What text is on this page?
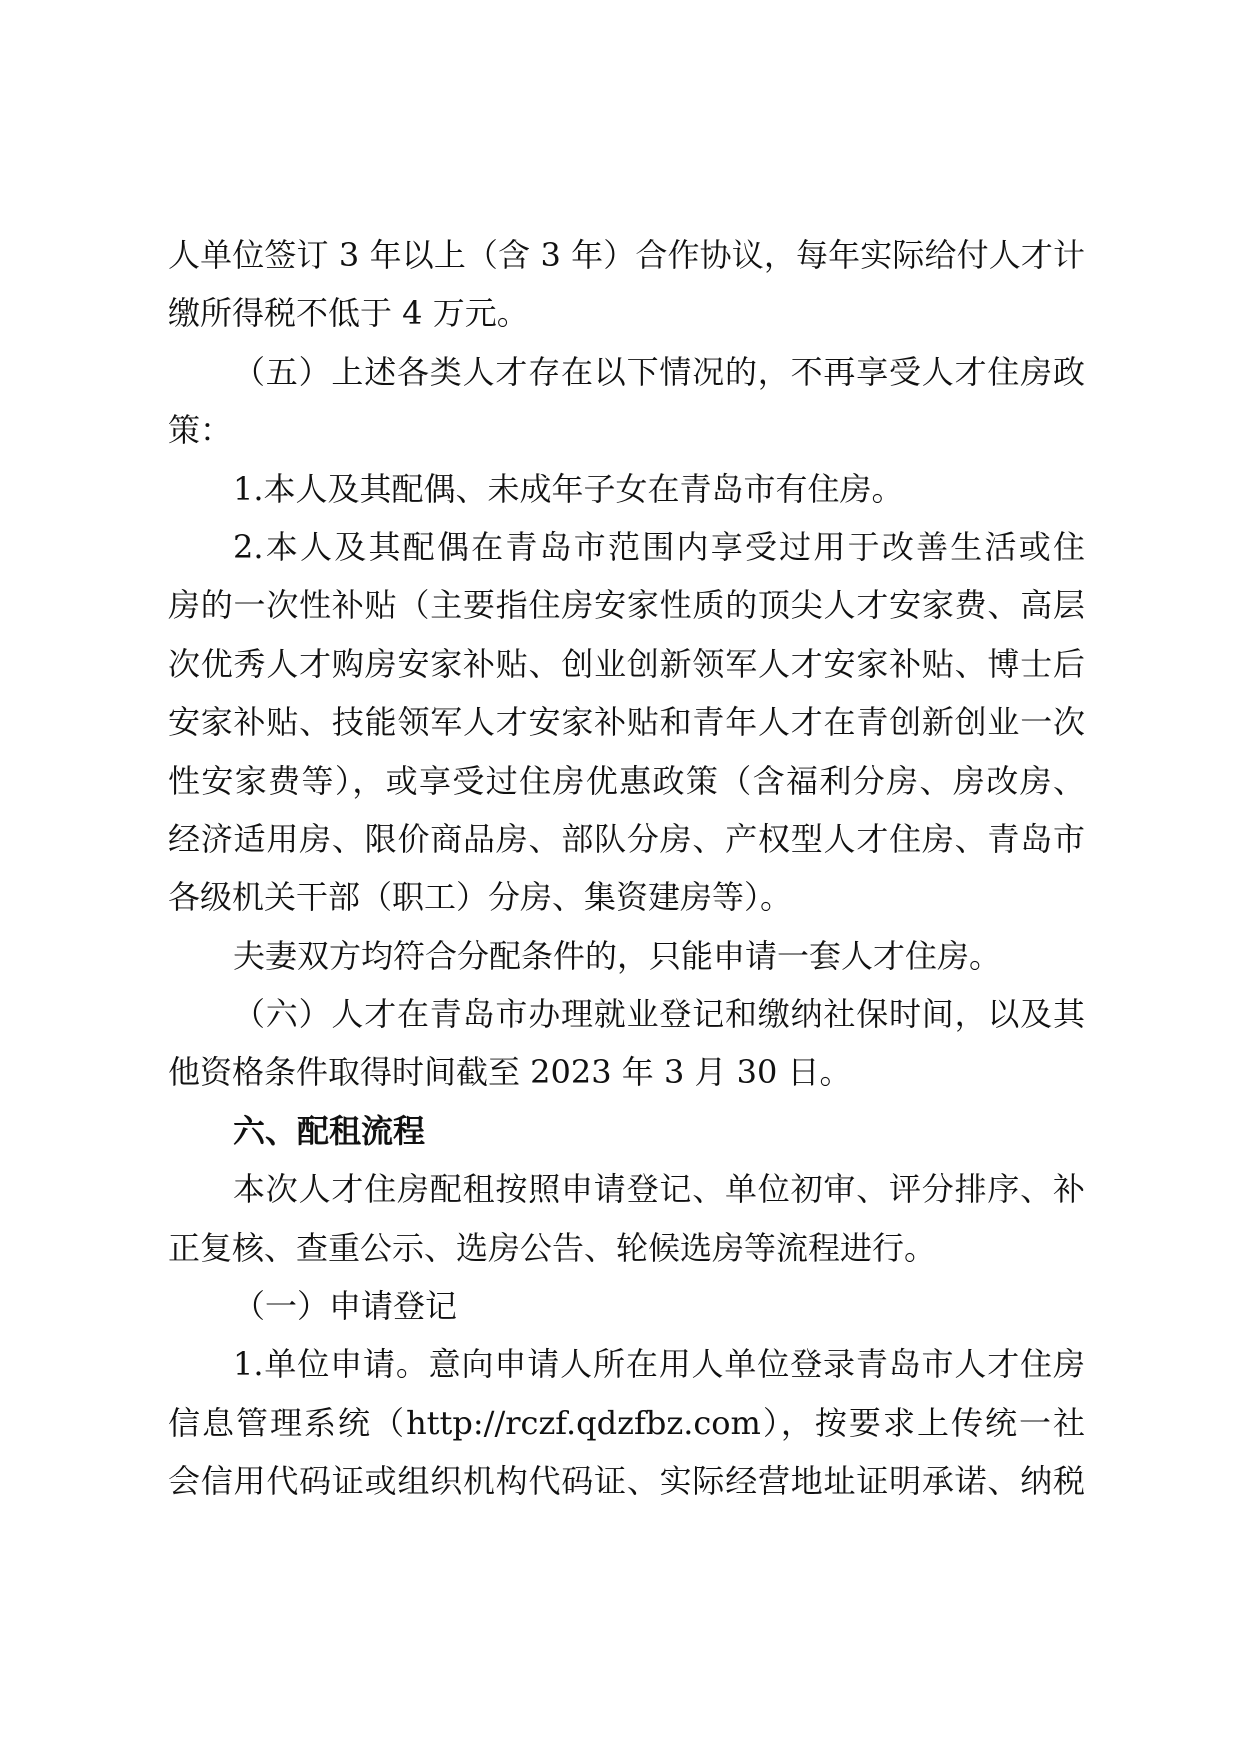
人单位签订 3 年以上（含 3 年）合作协议，每年实际给付人才计
缴所得税不低于 4 万元。
（五）上述各类人才存在以下情况的，不再享受人才住房政
策：
1.本人及其配偶、未成年子女在青岛市有住房。
2.本人及其配偶在青岛市范围内享受过用于改善生活或住
房的一次性补贴（主要指住房安家性质的顶尖人才安家费、高层
次优秀人才购房安家补贴、创业创新领军人才安家补贴、博士后
安家补贴、技能领军人才安家补贴和青年人才在青创新创业一次
性安家费等），或享受过住房优惠政策（含福利分房、房改房、
经济适用房、限价商品房、部队分房、产权型人才住房、青岛市
各级机关干部（职工）分房、集资建房等）。
夫妻双方均符合分配条件的，只能申请一套人才住房。
（六）人才在青岛市办理就业登记和缴纳社保时间，以及其
他资格条件取得时间截至 2023 年 3 月 30 日。
六、配租流程
本次人才住房配租按照申请登记、单位初审、评分排序、补
正复核、查重公示、选房公告、轮候选房等流程进行。
（一）申请登记
1.单位申请。意向申请人所在用人单位登录青岛市人才住房
信息管理系统（http://rczf.qdzfbz.com），按要求上传统一社
会信用代码证或组织机构代码证、实际经营地址证明承诺、纳税
